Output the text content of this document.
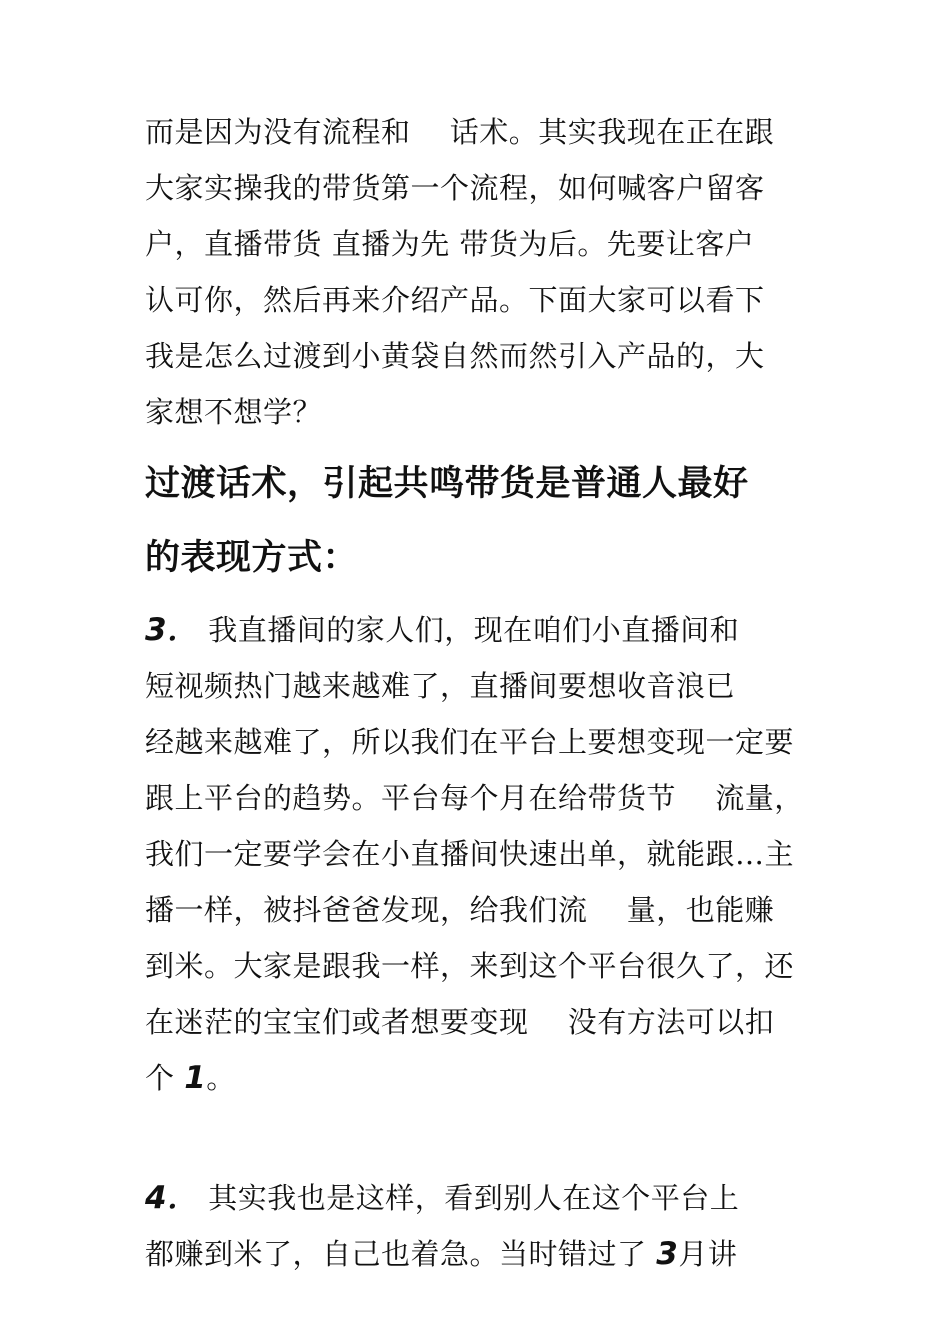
而是因为没有流程和　 话术。其实我现在正在跟
大家实操我的带货第一个流程，如何喊客户留客
户，直播带货 直播为先 带货为后。先要让客户
认可你，然后再来介绍产品。下面大家可以看下
我是怎么过渡到小黄袋自然而然引入产品的，大
家想不想学？
过渡话术，引起共鸣带货是普通人最好
的表现方式：
3． 我直播间的家人们，现在咱们小直播间和
短视频热门越来越难了，直播间要想收音浪已
经越来越难了，所以我们在平台上要想变现一定要
跟上平台的趋势。平台每个月在给带货节　 流量，
我们一定要学会在小直播间快速出单，就能跟…主
播一样，被抖爸爸发现，给我们流　 量，也能赚
到米。大家是跟我一样，来到这个平台很久了，还
在迷茫的宝宝们或者想要变现　 没有方法可以扣
个 1。
4． 其实我也是这样，看到别人在这个平台上
都赚到米了，自己也着急。当时错过了 3月讲
